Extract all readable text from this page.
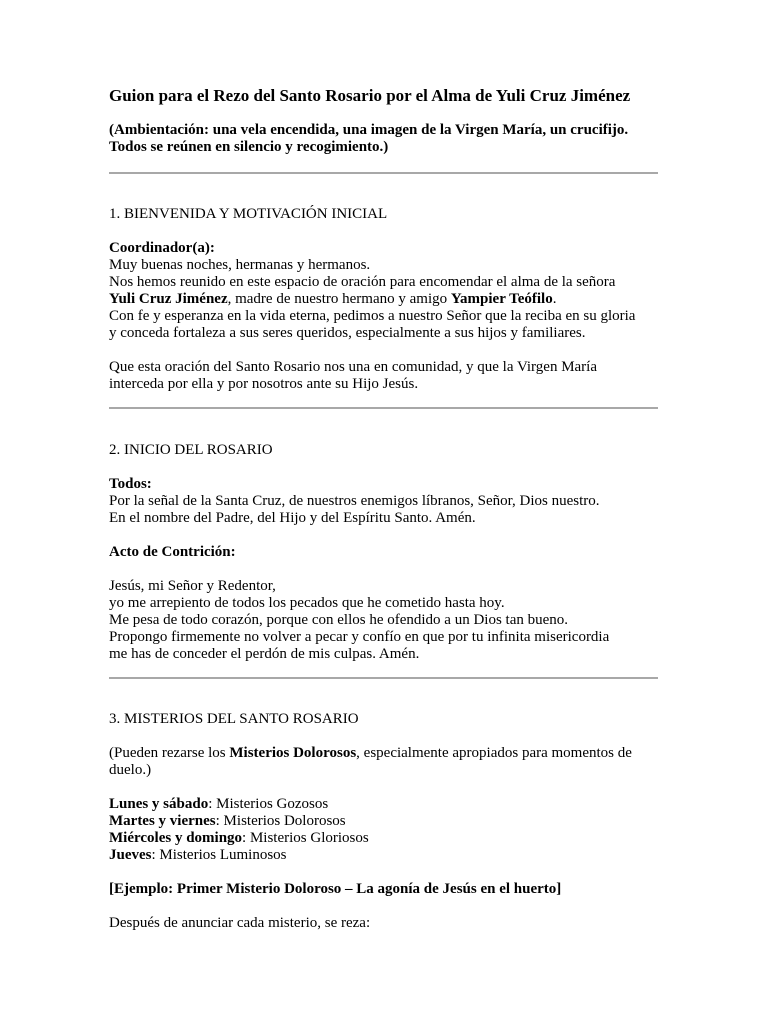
Guion para el Rezo del Santo Rosario por el Alma de Yuli Cruz Jiménez
(Ambientación: una vela encendida, una imagen de la Virgen María, un crucifijo.
Todos se reúnen en silencio y recogimiento.)
1. BIENVENIDA Y MOTIVACIÓN INICIAL
Coordinador(a):
Muy buenas noches, hermanas y hermanos.
Nos hemos reunido en este espacio de oración para encomendar el alma de la señora
Yuli Cruz Jiménez, madre de nuestro hermano y amigo Yampier Teófilo.
Con fe y esperanza en la vida eterna, pedimos a nuestro Señor que la reciba en su gloria
y conceda fortaleza a sus seres queridos, especialmente a sus hijos y familiares.
Que esta oración del Santo Rosario nos una en comunidad, y que la Virgen María
interceda por ella y por nosotros ante su Hijo Jesús.
2. INICIO DEL ROSARIO
Todos:
Por la señal de la Santa Cruz, de nuestros enemigos líbranos, Señor, Dios nuestro.
En el nombre del Padre, del Hijo y del Espíritu Santo. Amén.
Acto de Contrición:
Jesús, mi Señor y Redentor,
yo me arrepiento de todos los pecados que he cometido hasta hoy.
Me pesa de todo corazón, porque con ellos he ofendido a un Dios tan bueno.
Propongo firmemente no volver a pecar y confío en que por tu infinita misericordia
me has de conceder el perdón de mis culpas. Amén.
3. MISTERIOS DEL SANTO ROSARIO
(Pueden rezarse los Misterios Dolorosos, especialmente apropiados para momentos de
duelo.)
Lunes y sábado: Misterios Gozosos
Martes y viernes: Misterios Dolorosos
Miércoles y domingo: Misterios Gloriosos
Jueves: Misterios Luminosos
[Ejemplo: Primer Misterio Doloroso – La agonía de Jesús en el huerto]
Después de anunciar cada misterio, se reza:
